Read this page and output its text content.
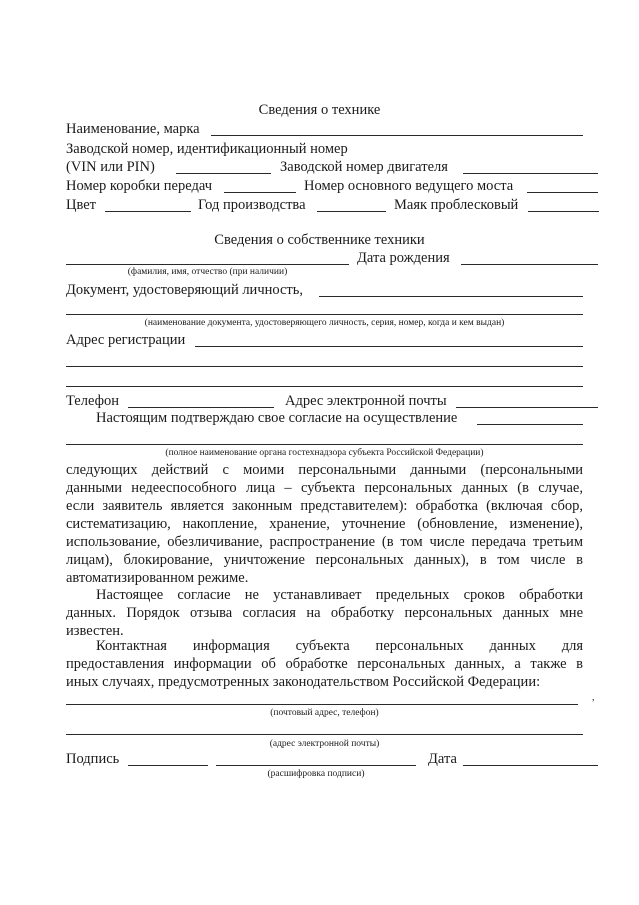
Сведения о технике
Наименование, марка
Заводской номер, идентификационный номер
(VIN или PIN)	Заводской номер двигателя
Номер коробки передач	Номер основного ведущего моста
Цвет	Год производства	Маяк проблесковый
Сведения о собственнике техники
Дата рождения
(фамилия, имя, отчество (при наличии)
Документ, удостоверяющий личность,
(наименование документа, удостоверяющего личность, серия, номер, когда и кем выдан)
Адрес регистрации
Телефон	Адрес электронной почты
Настоящим подтверждаю свое согласие на осуществление
(полное наименование органа гостехнадзора субъекта Российской Федерации)
следующих действий с моими персональными данными (персональными
данными недееспособного лица – субъекта персональных данных (в случае,
если заявитель является законным представителем): обработка (включая сбор,
систематизацию, накопление, хранение, уточнение (обновление, изменение),
использование, обезличивание, распространение (в том числе передача третьим
лицам), блокирование, уничтожение персональных данных), в том числе в
автоматизированном режиме.
Настоящее согласие не устанавливает предельных сроков обработки
данных. Порядок отзыва согласия на обработку персональных данных мне
известен.
Контактная информация субъекта персональных данных для
предоставления информации об обработке персональных данных, а также в
иных случаях, предусмотренных законодательством Российской Федерации:
,
(почтовый адрес, телефон)
(адрес электронной почты)
Подпись	Дата
(расшифровка подписи)
